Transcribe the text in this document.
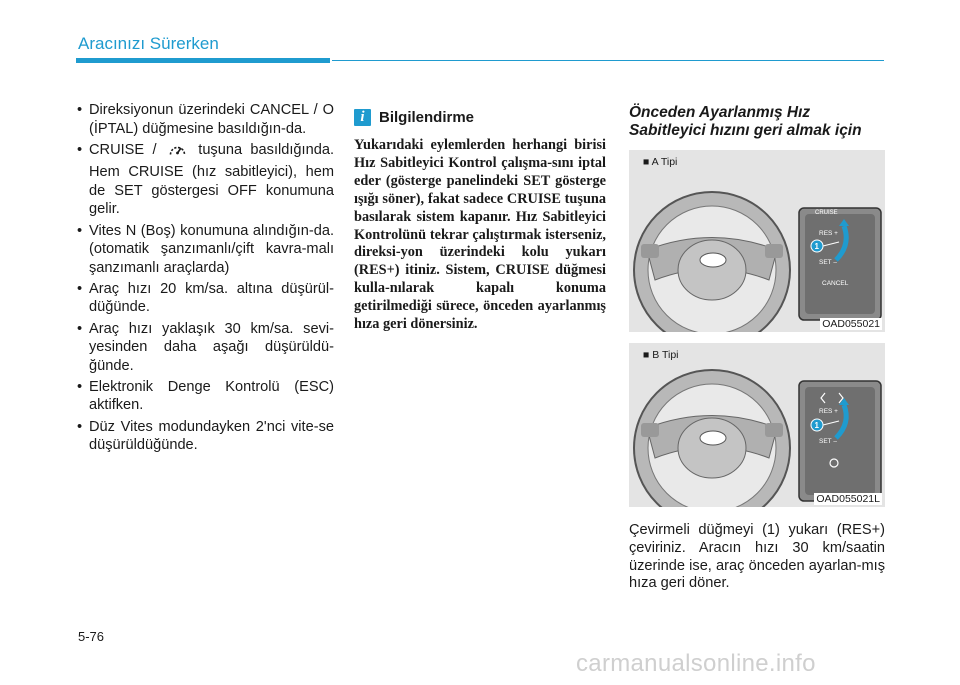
Aracınızı Sürerken
• Direksiyonun üzerindeki CANCEL / O (İPTAL) düğmesine basıldığın-da.
• CRUISE /	tuşuna basıldığında. Hem CRUISE (hız sabitleyici), hem de SET göstergesi OFF konumuna gelir.
• Vites N (Boş) konumuna alındığın-da. (otomatik şanzımanlı/çift kavra-malı şanzımanlı araçlarda)
• Araç hızı 20 km/sa. altına düşürül-düğünde.
• Araç hızı yaklaşık 30 km/sa. sevi-yesinden daha aşağı düşürüldü-ğünde.
• Elektronik Denge Kontrolü (ESC) aktifken.
• Düz Vites modundayken 2'nci vite-se düşürüldüğünde.
i Bilgilendirme
Yukarıdaki eylemlerden herhangi birisi Hız Sabitleyici Kontrol çalışma-sını iptal eder (gösterge panelindeki SET gösterge ışığı söner), fakat sadece CRUISE tuşuna basılarak sistem kapanır. Hız Sabitleyici Kontrolünü tekrar çalıştırmak isterseniz, direksi-yon üzerindeki kolu yukarı (RES+) itiniz. Sistem, CRUISE düğmesi kulla-nılarak kapalı konuma getirilmediği sürece, önceden ayarlanmış hıza geri dönersiniz.
Önceden Ayarlanmış Hız Sabitleyici hızını geri almak için
CRUISE
RES +
SET –
CANCEL
1
■ A Tipi
OAD055021
RES +
SET –
1
■ B Tipi
OAD055021L
Çevirmeli düğmeyi (1) yukarı (RES+) çeviriniz. Aracın hızı 30 km/saatin üzerinde ise, araç önceden ayarlan-mış hıza geri döner.
5-76
carmanualsonline.info
